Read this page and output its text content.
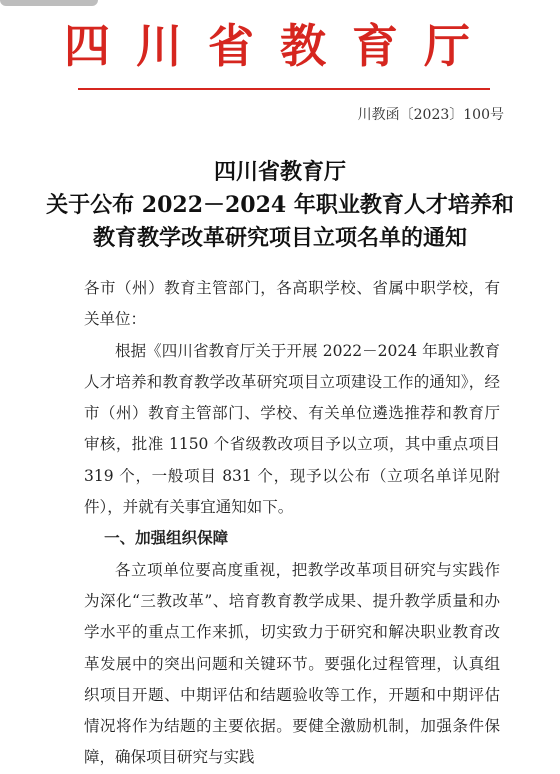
四川省教育厅
川教函〔2023〕100号
四川省教育厅
关于公布 2022－2024 年职业教育人才培养和
教育教学改革研究项目立项名单的通知

各市（州）教育主管部门，各高职学校、省属中职学校，有关单位：

根据《四川省教育厅关于开展 2022－2024 年职业教育人才培养和教育教学改革研究项目立项建设工作的通知》，经市（州）教育主管部门、学校、有关单位遴选推荐和教育厅审核，批准 1150 个省级教改项目予以立项，其中重点项目 319 个，一般项目 831 个，现予以公布（立项名单详见附件），并就有关事宜通知如下。

一、加强组织保障

各立项单位要高度重视，把教学改革项目研究与实践作为深化“三教改革”、培育教育教学成果、提升教学质量和办学水平的重点工作来抓，切实致力于研究和解决职业教育改革发展中的突出问题和关键环节。要强化过程管理，认真组织项目开题、中期评估和结题验收等工作，开题和中期评估情况将作为结题的主要依据。要健全激励机制，加强条件保障，确保项目研究与实践
